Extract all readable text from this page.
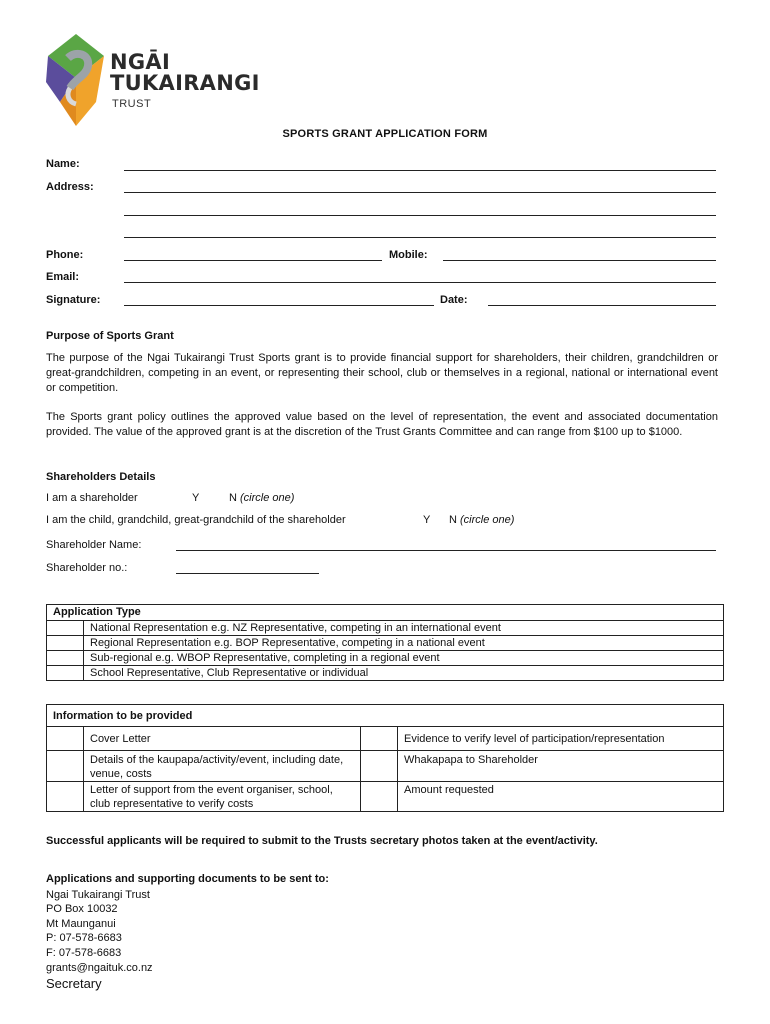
NGĀI
TUKAIRANGI
TRUST
SPORTS GRANT APPLICATION FORM
Name:
Address:
Phone:	Mobile:
Email:
Signature:	Date:
Purpose of Sports Grant
The purpose of the Ngai Tukairangi Trust Sports grant is to provide financial support for shareholders, their children, grandchildren or great-grandchildren, competing in an event, or representing their school, club or themselves in a regional, national or international event or competition.
The Sports grant policy outlines the approved value based on the level of representation, the event and associated documentation provided. The value of the approved grant is at the discretion of the Trust Grants Committee and can range from $100 up to $1000.
Shareholders Details
I am a shareholder	Y	N (circle one)
I am the child, grandchild, great-grandchild of the shareholder	Y N (circle one)
Shareholder Name:
Shareholder no.:
Application Type	
	National Representation e.g. NZ Representative, competing in an international event
	Regional Representation e.g. BOP Representative, competing in a national event
	Sub-regional e.g. WBOP Representative, completing in a regional event
	School Representative, Club Representative or individual
Information to be provided			
	Cover Letter		Evidence to verify level of participation/representation
	Details of the kaupapa/activity/event, including date, venue, costs		Whakapapa to Shareholder
	Letter of support from the event organiser, school, club representative to verify costs		Amount requested
Successful applicants will be required to submit to the Trusts secretary photos taken at the event/activity.
Applications and supporting documents to be sent to:
Ngai Tukairangi Trust
PO Box 10032
Mt Maunganui
P: 07-578-6683
F: 07-578-6683
grants@ngaituk.co.nz
Secretary
